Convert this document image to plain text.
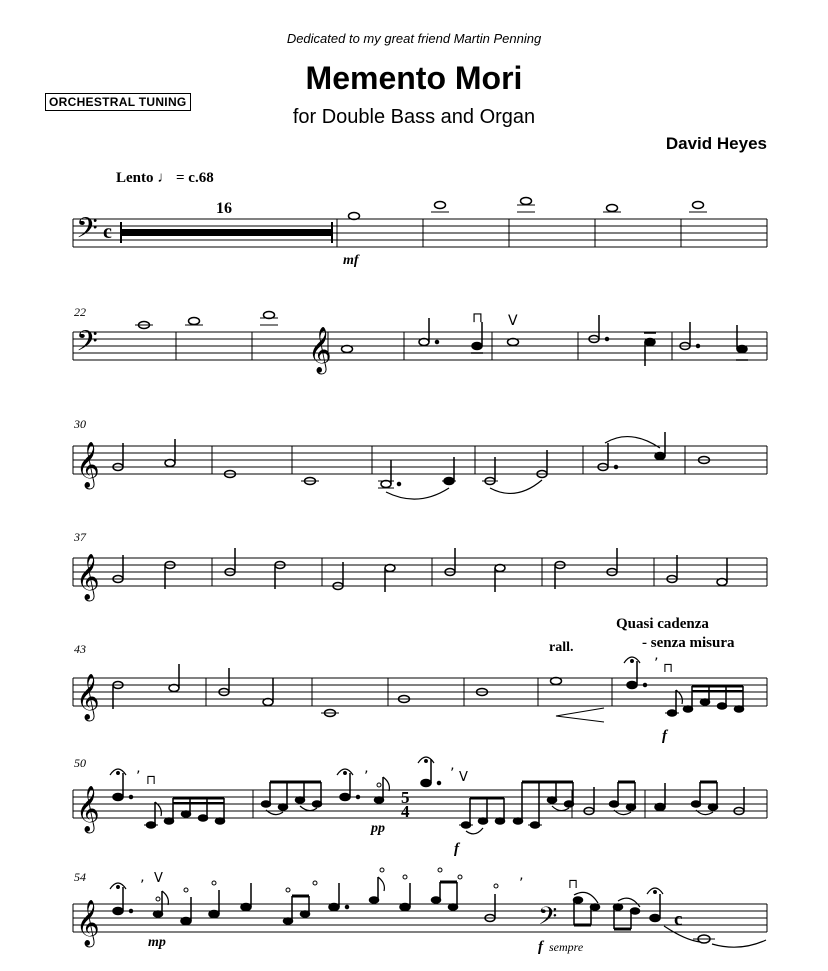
Dedicated to my great friend Martin Penning
Memento Mori
for Double Bass and Organ
ORCHESTRAL TUNING
David Heyes
Lento ♩ = c.68
𝄢 c
16
mf
22
𝄢	𝄞
⊓ V
30
𝄞
37
𝄞
43
𝄞
rall.
Quasi cadenza
- senza misura
⊓
’
f
50
𝄞	5
4
⊓
’	’	’ V
pp
f
54
𝄞	𝄢	c
V
’	’	⊓
mp	f sempre
